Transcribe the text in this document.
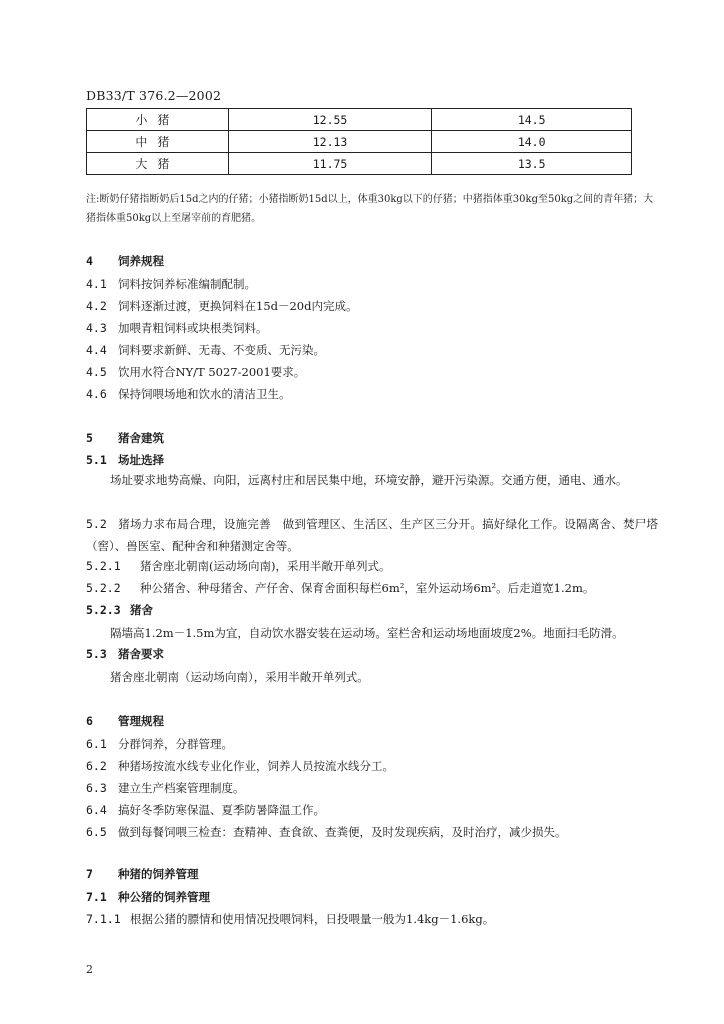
DB33/T 376.2—2002
小猪	12.55	14.5
中猪	12.13	14.0
大猪	11.75	13.5
注:断奶仔猪指断奶后15d之内的仔猪；小猪指断奶15d以上，体重30kg以下的仔猪；中猪指体重30kg至50kg之间的青年猪；大猪指体重50kg以上至屠宰前的育肥猪。
4 饲养规程
4.1 饲料按饲养标准编制配制。
4.2 饲料逐渐过渡，更换饲料在15d－20d内完成。
4.3 加喂青粗饲料或块根类饲料。
4.4 饲料要求新鲜、无毒、不变质、无污染。
4.5 饮用水符合NY/T 5027-2001要求。
4.6 保持饲喂场地和饮水的清洁卫生。
5 猪舍建筑
5.1 场址选择
场址要求地势高燥、向阳，远离村庄和居民集中地，环境安静，避开污染源。交通方便，通电、通水。
5.2 猪场力求布局合理，设施完善　做到管理区、生活区、生产区三分开。搞好绿化工作。设隔离舍、焚尸塔（窖）、兽医室、配种舍和种猪测定舍等。
5.2.1 猪舍座北朝南(运动场向南)，采用半敞开单列式。
5.2.2 种公猪舍、种母猪舍、产仔舍、保育舍面积每栏6m²，室外运动场6m²。后走道宽1.2m。
5.2.3 猪舍
隔墙高1.2m－1.5m为宜，自动饮水器安装在运动场。室栏舍和运动场地面坡度2%。地面扫毛防滑。
5.3 猪舍要求
猪舍座北朝南（运动场向南），采用半敞开单列式。
6 管理规程
6.1 分群饲养，分群管理。
6.2 种猪场按流水线专业化作业，饲养人员按流水线分工。
6.3 建立生产档案管理制度。
6.4 搞好冬季防寒保温、夏季防暑降温工作。
6.5 做到每餐饲喂三检查：查精神、查食欲、查粪便，及时发现疾病，及时治疗，减少损失。
7 种猪的饲养管理
7.1 种公猪的饲养管理
7.1.1 根据公猪的膘情和使用情况投喂饲料，日投喂量一般为1.4kg－1.6kg。
2
